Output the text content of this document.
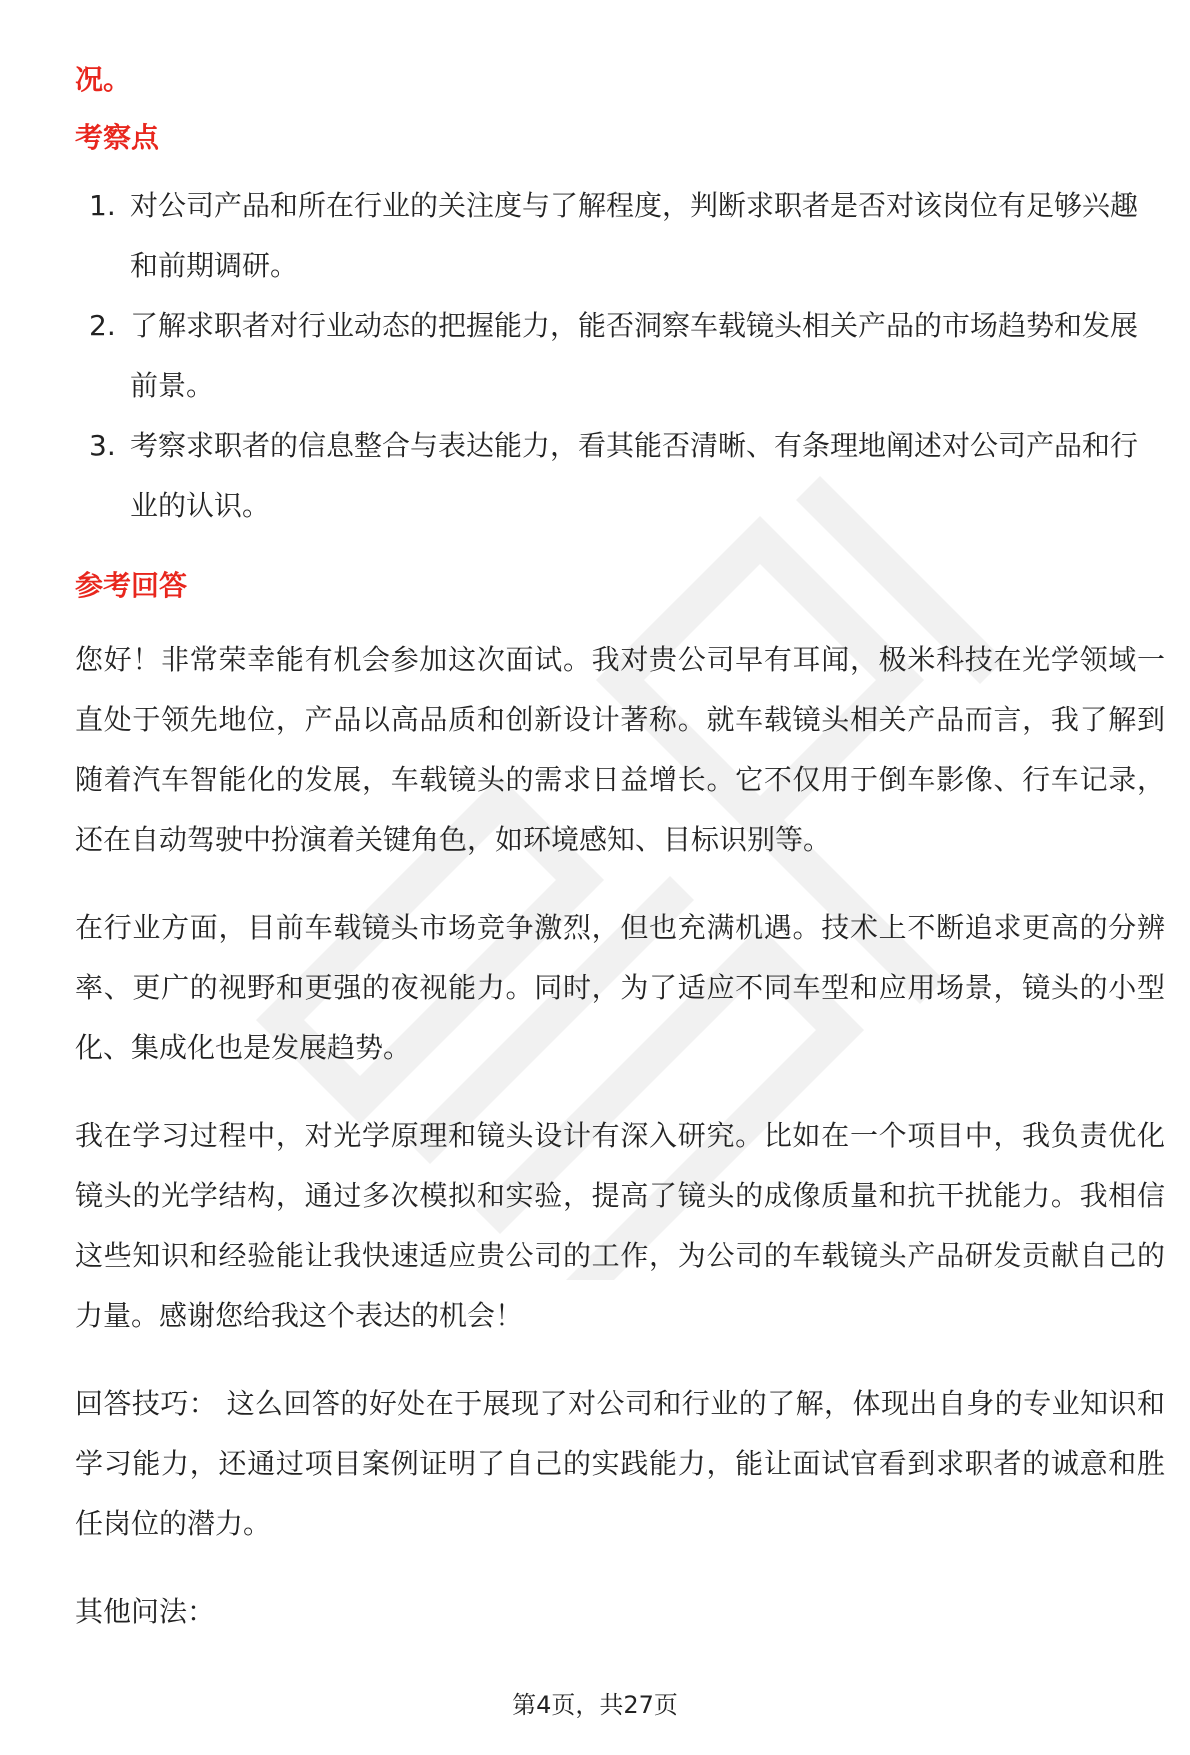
况。
考察点
1. 对公司产品和所在行业的关注度与了解程度，判断求职者是否对该岗位有足够兴趣和前期调研。
2. 了解求职者对行业动态的把握能力，能否洞察车载镜头相关产品的市场趋势和发展前景。
3. 考察求职者的信息整合与表达能力，看其能否清晰、有条理地阐述对公司产品和行业的认识。
参考回答

您好！非常荣幸能有机会参加这次面试。我对贵公司早有耳闻，极米科技在光学领域一直处于领先地位，产品以高品质和创新设计著称。就车载镜头相关产品而言，我了解到随着汽车智能化的发展，车载镜头的需求日益增长。它不仅用于倒车影像、行车记录，还在自动驾驶中扮演着关键角色，如环境感知、目标识别等。

在行业方面，目前车载镜头市场竞争激烈，但也充满机遇。技术上不断追求更高的分辨率、更广的视野和更强的夜视能力。同时，为了适应不同车型和应用场景，镜头的小型化、集成化也是发展趋势。

我在学习过程中，对光学原理和镜头设计有深入研究。比如在一个项目中，我负责优化镜头的光学结构，通过多次模拟和实验，提高了镜头的成像质量和抗干扰能力。我相信这些知识和经验能让我快速适应贵公司的工作，为公司的车载镜头产品研发贡献自己的力量。感谢您给我这个表达的机会！

回答技巧： 这么回答的好处在于展现了对公司和行业的了解，体现出自身的专业知识和学习能力，还通过项目案例证明了自己的实践能力，能让面试官看到求职者的诚意和胜任岗位的潜力。

其他问法：

第4页，共27页
